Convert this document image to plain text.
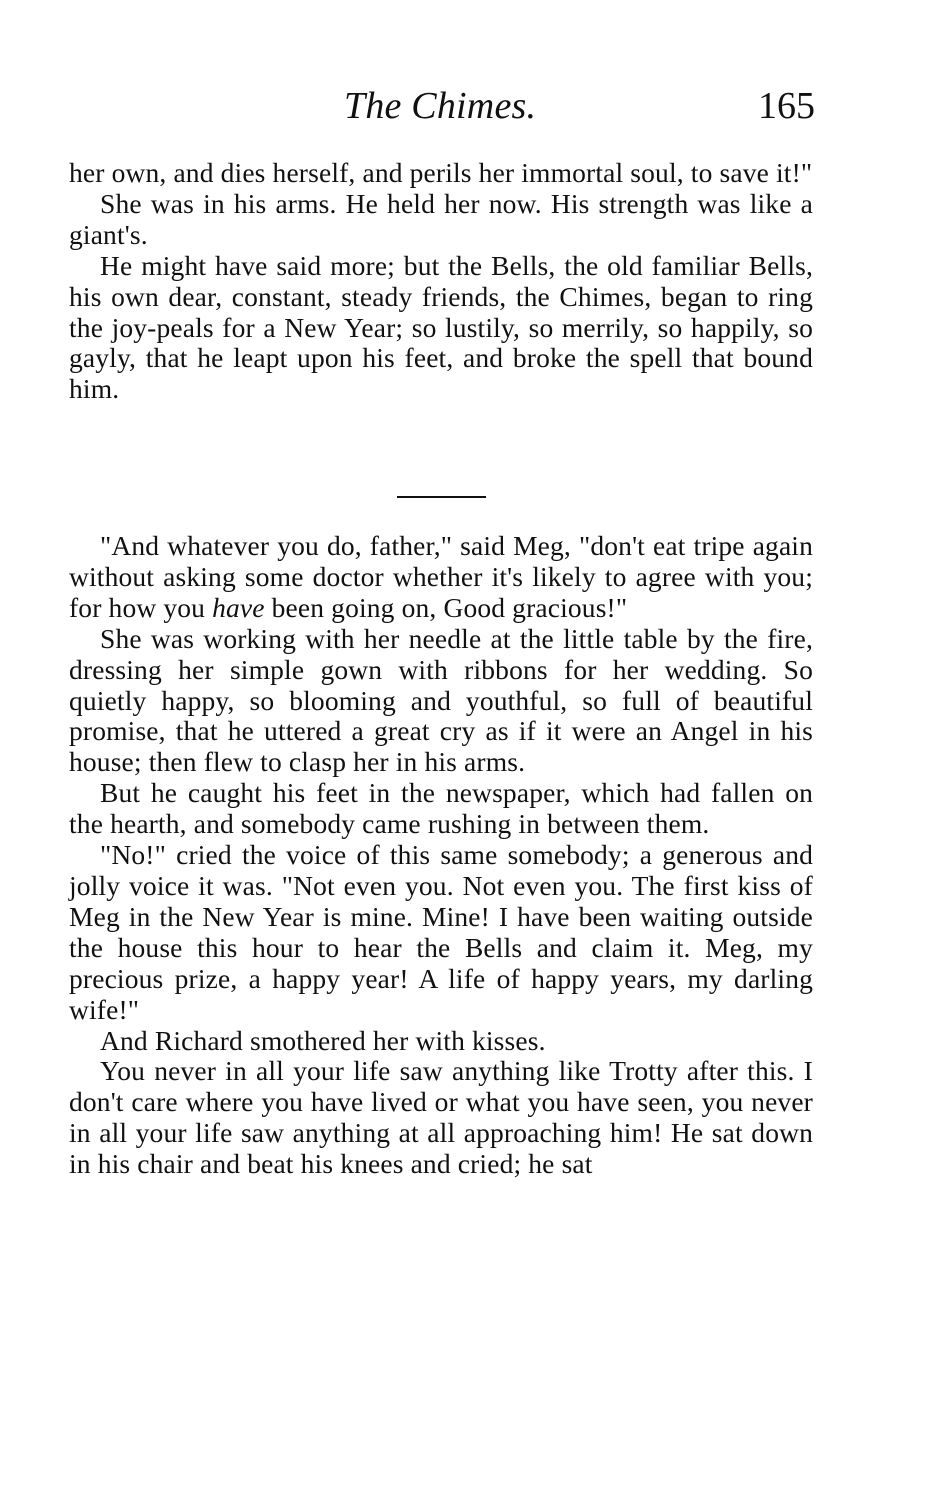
The Chimes.	165

her own, and dies herself, and perils her immortal soul, to save it!"

She was in his arms. He held her now. His strength was like a giant's.

He might have said more; but the Bells, the old familiar Bells, his own dear, constant, steady friends, the Chimes, began to ring the joy-peals for a New Year; so lustily, so merrily, so happily, so gayly, that he leapt upon his feet, and broke the spell that bound him.

"And whatever you do, father," said Meg, "don't eat tripe again without asking some doctor whether it's likely to agree with you; for how you have been going on, Good gracious!"

She was working with her needle at the little table by the fire, dressing her simple gown with ribbons for her wedding. So quietly happy, so blooming and youthful, so full of beautiful promise, that he uttered a great cry as if it were an Angel in his house; then flew to clasp her in his arms.

But he caught his feet in the newspaper, which had fallen on the hearth, and somebody came rushing in between them.

"No!" cried the voice of this same somebody; a generous and jolly voice it was. "Not even you. Not even you. The first kiss of Meg in the New Year is mine. Mine! I have been waiting outside the house this hour to hear the Bells and claim it. Meg, my precious prize, a happy year! A life of happy years, my darling wife!"

And Richard smothered her with kisses.

You never in all your life saw anything like Trotty after this. I don't care where you have lived or what you have seen, you never in all your life saw anything at all approaching him! He sat down in his chair and beat his knees and cried; he sat
